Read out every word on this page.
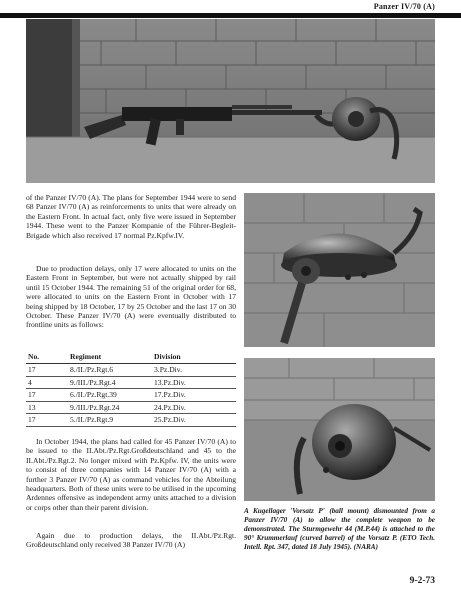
Panzer IV/70 (A)

of the Panzer IV/70 (A). The plans for September 1944 were to send 68 Panzer IV/70 (A) as reinforcements to units that were already on the Eastern Front. In actual fact, only five were issued in September 1944. These went to the Panzer Kompanie of the Führer-Begleit-Brigade which also received 17 normal Pz.Kpfw.IV.

Due to production delays, only 17 were allocated to units on the Eastern Front in September, but were not actually shipped by rail until 15 October 1944. The remaining 51 of the original order for 68, were allocated to units on the Eastern Front in October with 17 being shipped by 18 October, 17 by 25 October and the last 17 on 30 October. These Panzer IV/70 (A) were eventually distributed to frontline units as follows:

No.	Regiment	Division
17	8./II./Pz.Rgt.6	3.Pz.Div.
4	9./III./Pz.Rgt.4	13.Pz.Div.
17	6./II./Pz.Rgt.39	17.Pz.Div.
13	9./III./Pz.Rgt.24	24.Pz.Div.
17	5./II./Pz.Rgt.9	25.Pz.Div.

In October 1944, the plans had called for 45 Panzer IV/70 (A) to be issued to the II.Abt./Pz.Rgt.Großdeutschland and 45 to the II.Abt./Pz.Rgt.2. No longer mixed with Pz.Kpfw. IV, the units were to consist of three companies with 14 Panzer IV/70 (A) with a further 3 Panzer IV/70 (A) as command vehicles for the Abteilung headquarters. Both of these units were to be utilised in the upcoming Ardennes offensive as independent army units attached to a division or corps other than their parent division.

Again due to production delays, the II.Abt./Pz.Rgt. Großdeutschland only received 38 Panzer IV/70 (A)

A Kugellager 'Vorsatz P' (ball mount) dismounted from a Panzer IV/70 (A) to allow the complete weapon to be demonstrated. The Sturmgewehr 44 (M.P.44) is attached to the 90° Krummerlauf (curved barrel) of the Vorsatz P. (ETO Tech. Intell. Rpt. 347, dated 18 July 1945). (NARA)

9-2-73
